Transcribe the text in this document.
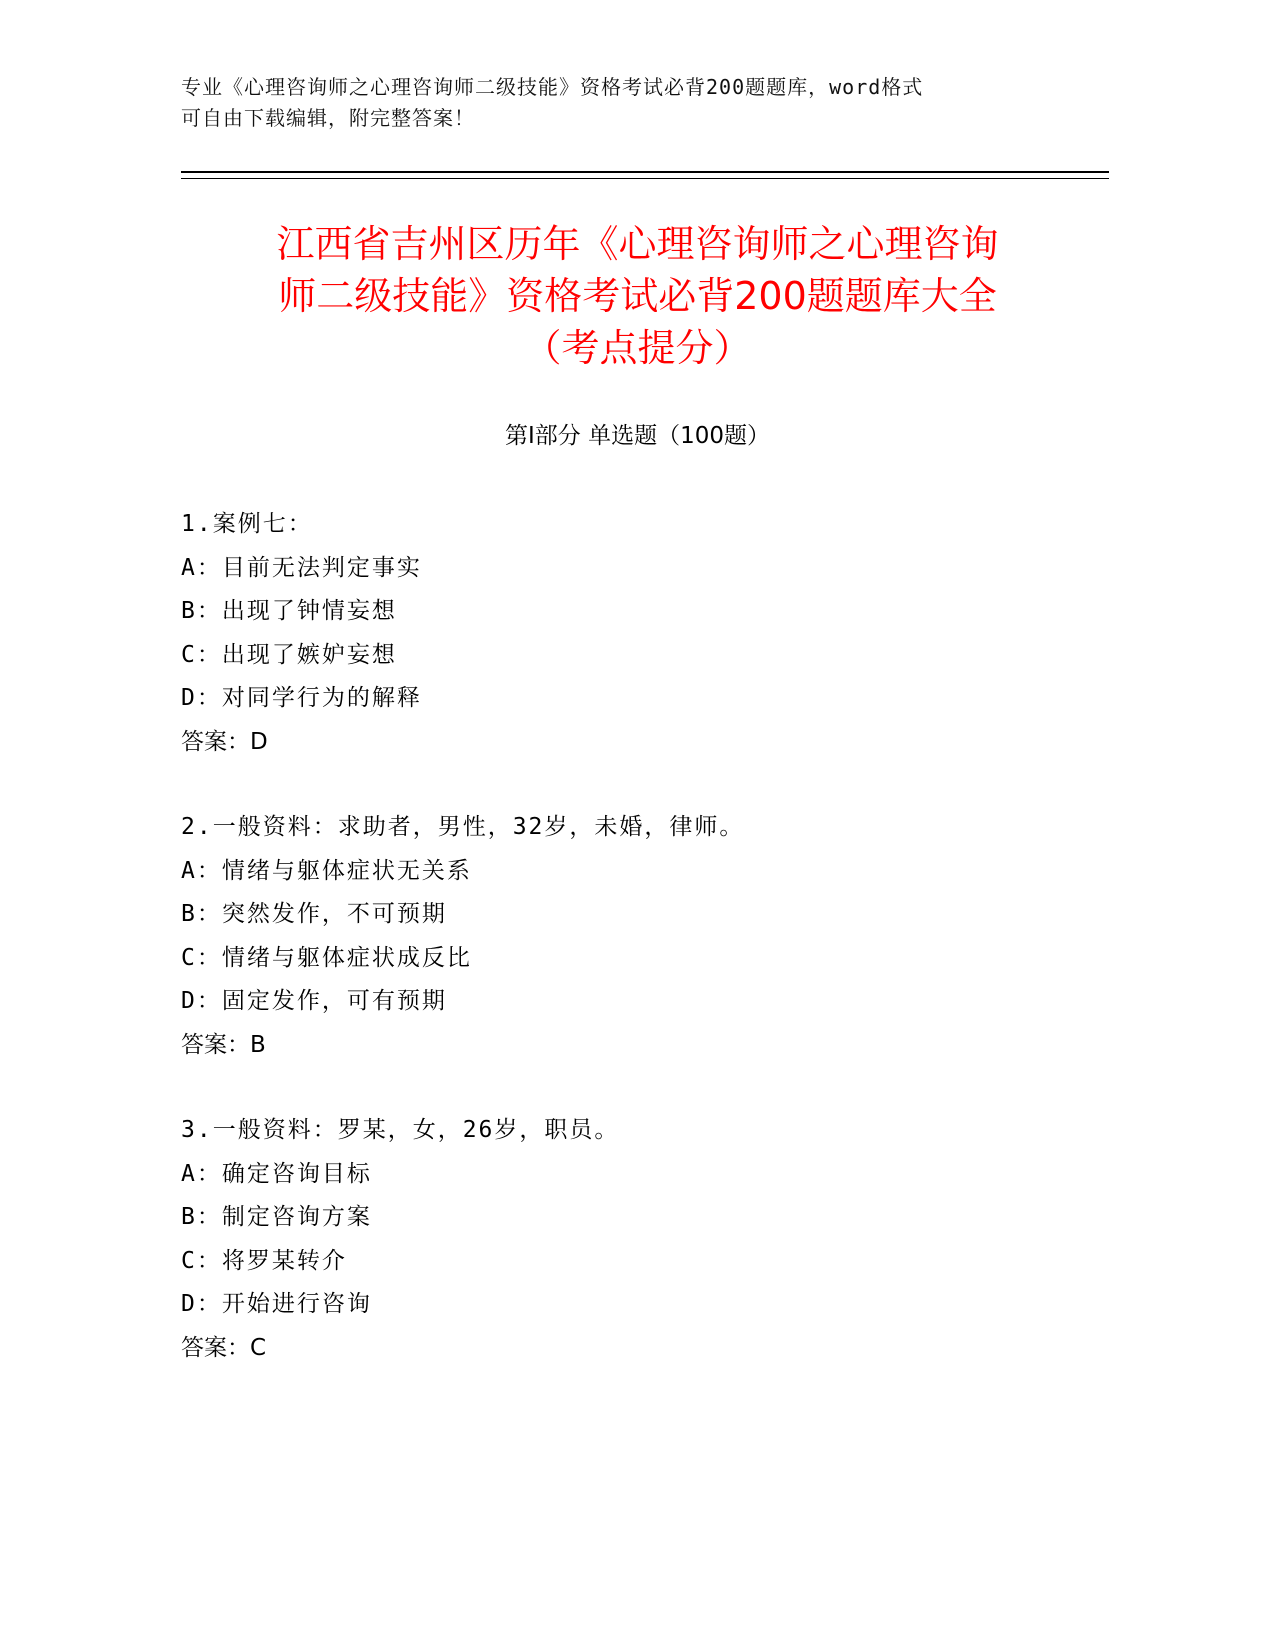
专业《心理咨询师之心理咨询师二级技能》资格考试必背200题题库，word格式
可自由下载编辑，附完整答案！
江西省吉州区历年《心理咨询师之心理咨询
师二级技能》资格考试必背200题题库大全
（考点提分）
第Ⅰ部分 单选题（100题）
1.案例七：
A：目前无法判定事实
B：出现了钟情妄想
C：出现了嫉妒妄想
D：对同学行为的解释
答案：D
2.一般资料：求助者，男性，32岁，未婚，律师。
A：情绪与躯体症状无关系
B：突然发作，不可预期
C：情绪与躯体症状成反比
D：固定发作，可有预期
答案：B
3.一般资料：罗某，女，26岁，职员。
A：确定咨询目标
B：制定咨询方案
C：将罗某转介
D：开始进行咨询
答案：C
